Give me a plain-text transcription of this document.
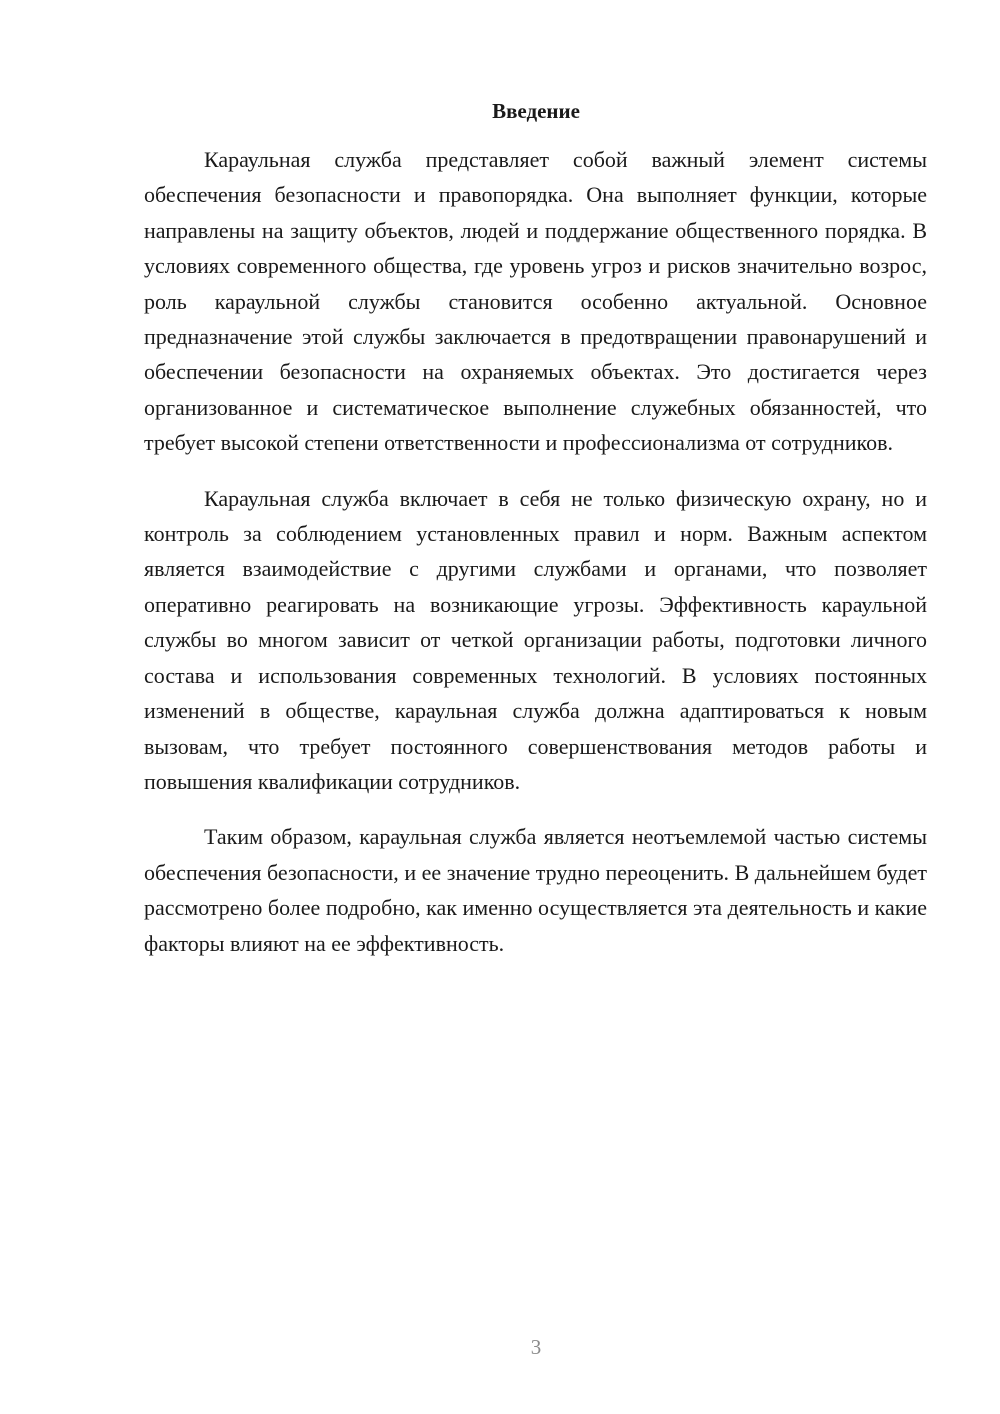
Введение

Караульная служба представляет собой важный элемент системы обеспечения безопасности и правопорядка. Она выполняет функции, которые направлены на защиту объектов, людей и поддержание общественного порядка. В условиях современного общества, где уровень угроз и рисков значительно возрос, роль караульной службы становится особенно актуальной. Основное предназначение этой службы заключается в предотвращении правонарушений и обеспечении безопасности на охраняемых объектах. Это достигается через организованное и систематическое выполнение служебных обязанностей, что требует высокой степени ответственности и профессионализма от сотрудников.

Караульная служба включает в себя не только физическую охрану, но и контроль за соблюдением установленных правил и норм. Важным аспектом является взаимодействие с другими службами и органами, что позволяет оперативно реагировать на возникающие угрозы. Эффективность караульной службы во многом зависит от четкой организации работы, подготовки личного состава и использования современных технологий. В условиях постоянных изменений в обществе, караульная служба должна адаптироваться к новым вызовам, что требует постоянного совершенствования методов работы и повышения квалификации сотрудников.

Таким образом, караульная служба является неотъемлемой частью системы обеспечения безопасности, и ее значение трудно переоценить. В дальнейшем будет рассмотрено более подробно, как именно осуществляется эта деятельность и какие факторы влияют на ее эффективность.

3
